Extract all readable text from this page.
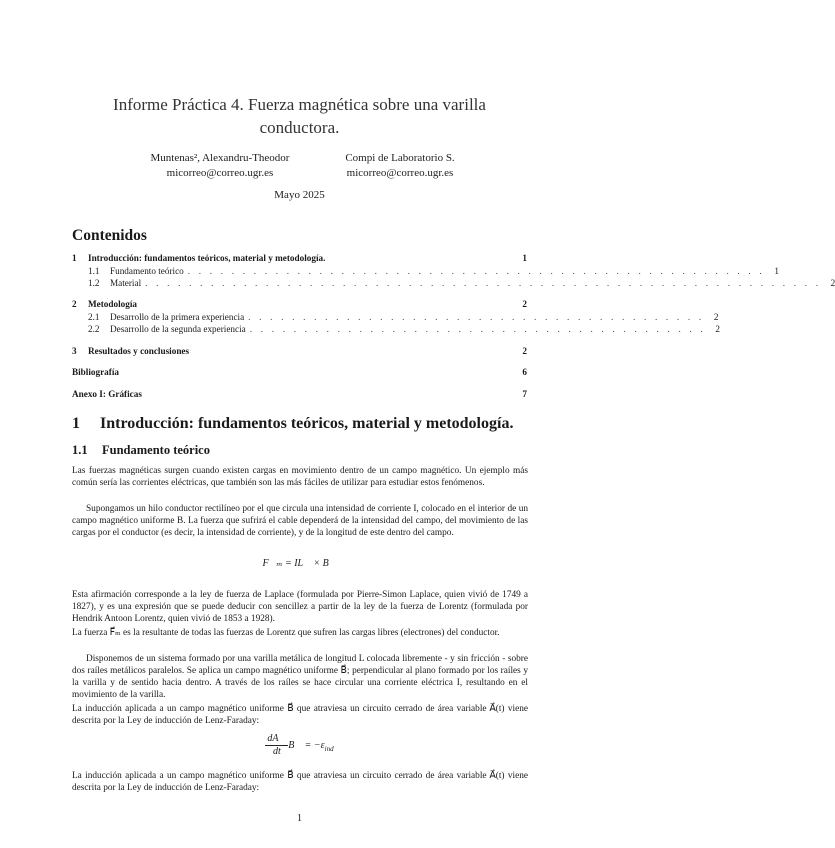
Informe Práctica 4. Fuerza magnética sobre una varilla
conductora.
Muntenas², Alexandru-Theodor
micorreo@correo.ugr.es
Compi de Laboratorio S.
micorreo@correo.ugr.es
Mayo 2025
Contenidos
1	Introducción: fundamentos teóricos, material y metodología.	1
1.1	Fundamento teórico . . . . . . . . . . . . . . . . . . . . . . . . . . . . . . . . . . . . . . . . . . . . . . . . . . . . .	1
1.2	Material . . . . . . . . . . . . . . . . . . . . . . . . . . . . . . . . . . . . . . . . . . . . . . . . . . . . . . . . . . . . . .	2
2	Metodología	2
2.1	Desarrollo de la primera experiencia . . . . . . . . . . . . . . . . . . . . . . . . . . . . . . . . . . . . . . . . . .	2
2.2	Desarrollo de la segunda experiencia . . . . . . . . . . . . . . . . . . . . . . . . . . . . . . . . . . . . . . . . . .	2
3	Resultados y conclusiones	2
Bibliografía	6
Anexo I: Gráficas	7
1 Introducción: fundamentos teóricos, material y metodología.
1.1 Fundamento teórico
Las fuerzas magnéticas surgen cuando existen cargas en movimiento dentro de un campo magnético. Un ejemplo más común sería las corrientes eléctricas, que también son las más fáciles de utilizar para estudiar estos fenómenos.
Supongamos un hilo conductor rectilíneo por el que circula una intensidad de corriente I, colocado en el interior de un campo magnético uniforme B. La fuerza que sufrirá el cable dependerá de la intensidad del campo, del movimiento de las cargas por el conductor (es decir, la intensidad de corriente), y de la longitud de este dentro del campo.
F⃗ₘ = IL⃗ × B⃗
Esta afirmación corresponde a la ley de fuerza de Laplace (formulada por Pierre-Simon Laplace, quien vivió de 1749 a 1827), y es una expresión que se puede deducir con sencillez a partir de la ley de la fuerza de Lorentz (formulada por Hendrik Antoon Lorentz, quien vivió de 1853 a 1928).
La fuerza F⃗ₘ es la resultante de todas las fuerzas de Lorentz que sufren las cargas libres (electrones) del conductor.
Disponemos de un sistema formado por una varilla metálica de longitud L colocada libremente - y sin fricción - sobre dos raíles metálicos paralelos. Se aplica un campo magnético uniforme B⃗; perpendicular al plano formado por los raíles y la varilla y de sentido hacia dentro. A través de los raíles se hace circular una corriente eléctrica I, resultando en el movimiento de la varilla.
La inducción aplicada a un campo magnético uniforme B⃗ que atraviesa un circuito cerrado de área variable A⃗(t) viene descrita por la Ley de inducción de Lenz-Faraday:
$\frac{dA⃗}{dt}$ B⃗ = $-\varepsilon_{ind}$
La inducción aplicada a un campo magnético uniforme B⃗ que atraviesa un circuito cerrado de área variable A⃗(t) viene descrita por la Ley de inducción de Lenz-Faraday:
1
